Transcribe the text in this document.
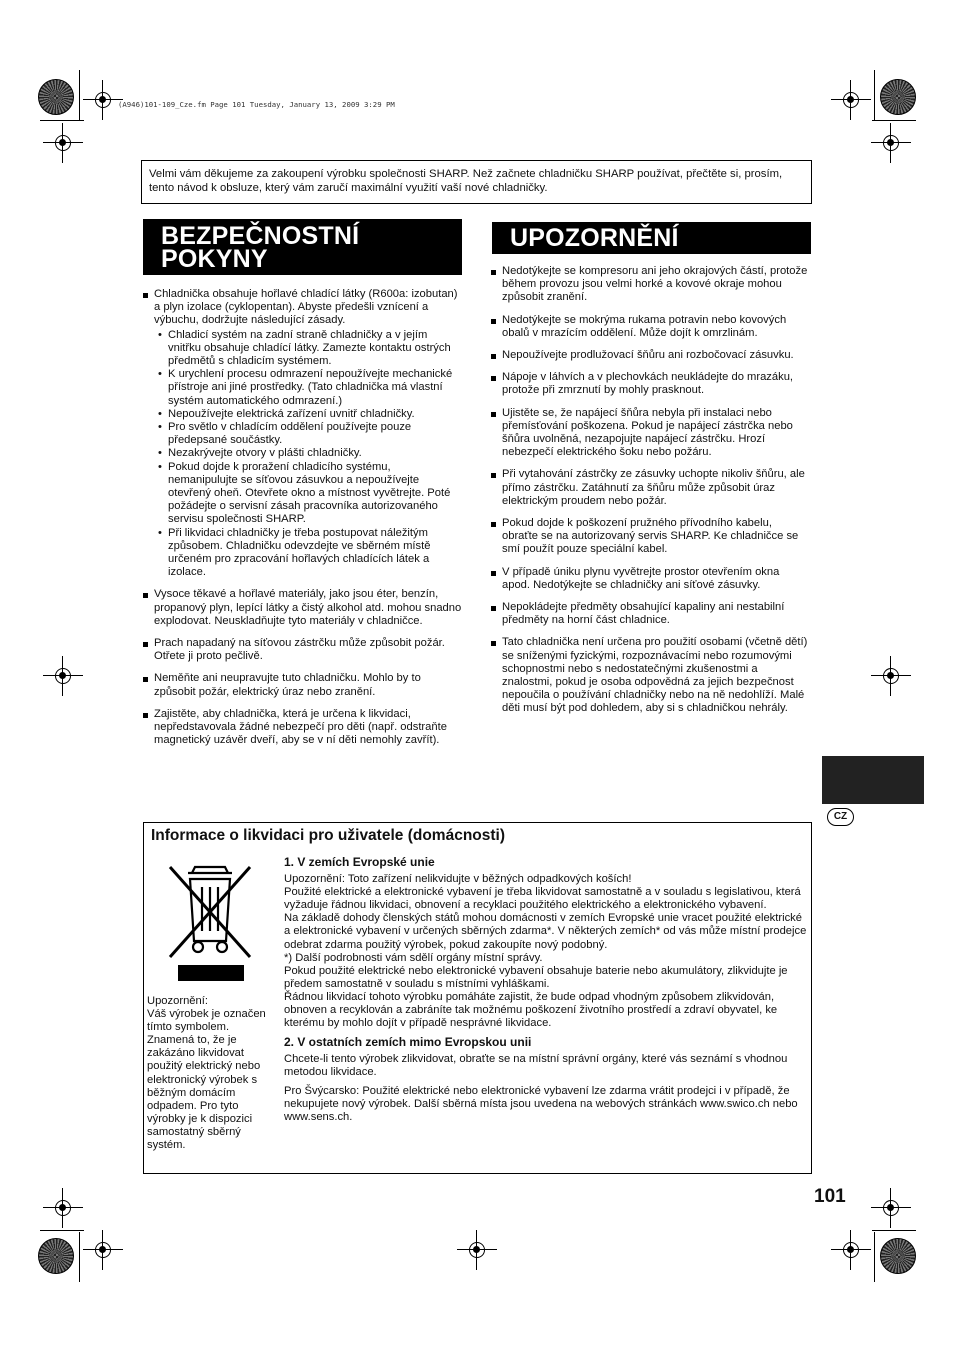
(A946)101-109_Cze.fm Page 101 Tuesday, January 13, 2009 3:29 PM
Velmi vám děkujeme za zakoupení výrobku společnosti SHARP. Než začnete chladničku SHARP používat, přečtěte si, prosím, tento návod k obsluze, který vám zaručí maximální využití vaší nové chladničky.
BEZPEČNOSTNÍ
POKYNY
Chladnička obsahuje hořlavé chladící látky (R600a: izobutan) a plyn izolace (cyklopentan). Abyste předešli vznícení a výbuchu, dodržujte následující zásady.
• Chladicí systém na zadní straně chladničky a v jejím vnitřku obsahuje chladící látky. Zamezte kontaktu ostrých předmětů s chladicím systémem.
• K urychlení procesu odmrazení nepoužívejte mechanické přístroje ani jiné prostředky. (Tato chladnička má vlastní systém automatického odmrazení.)
• Nepoužívejte elektrická zařízení uvnitř chladničky.
• Pro světlo v chladícím oddělení používejte pouze předepsané součástky.
• Nezakrývejte otvory v plášti chladničky.
• Pokud dojde k proražení chladicího systému, nemanipulujte se síťovou zásuvkou a nepoužívejte otevřený oheň. Otevřete okno a místnost vyvětrejte. Poté požádejte o servisní zásah pracovníka autorizovaného servisu společnosti SHARP.
• Při likvidaci chladničky je třeba postupovat náležitým způsobem. Chladničku odevzdejte ve sběrném místě určeném pro zpracování hořlavých chladících látek a izolace.
Vysoce těkavé a hořlavé materiály, jako jsou éter, benzín, propanový plyn, lepící látky a čistý alkohol atd. mohou snadno explodovat. Neuskladňujte tyto materiály v chladničce.
Prach napadaný na síťovou zástrčku může způsobit požár. Otřete ji proto pečlivě.
Neměňte ani neupravujte tuto chladničku. Mohlo by to způsobit požár, elektrický úraz nebo zranění.
Zajistěte, aby chladnička, která je určena k likvidaci, nepředstavovala žádné nebezpečí pro děti (např. odstraňte magnetický uzávěr dveří, aby se v ní děti nemohly zavřít).
UPOZORNĚNÍ
Nedotýkejte se kompresoru ani jeho okrajových částí, protože během provozu jsou velmi horké a kovové okraje mohou způsobit zranění.
Nedotýkejte se mokrýma rukama potravin nebo kovových obalů v mrazícím oddělení. Může dojít k omrzlinám.
Nepoužívejte prodlužovací šňůru ani rozbočovací zásuvku.
Nápoje v láhvích a v plechovkách neukládejte do mrazáku, protože při zmrznutí by mohly prasknout.
Ujistěte se, že napájecí šňůra nebyla při instalaci nebo přemísťování poškozena. Pokud je napájecí zástrčka nebo šňůra uvolněná, nezapojujte napájecí zástrčku. Hrozí nebezpečí elektrického šoku nebo požáru.
Při vytahování zástrčky ze zásuvky uchopte nikoliv šňůru, ale přímo zástrčku. Zatáhnutí za šňůru může způsobit úraz elektrickým proudem nebo požár.
Pokud dojde k poškození pružného přívodního kabelu, obraťte se na autorizovaný servis SHARP. Ke chladničce se smí použít pouze speciální kabel.
V případě úniku plynu vyvětrejte prostor otevřením okna apod. Nedotýkejte se chladničky ani síťové zásuvky.
Nepokládejte předměty obsahující kapaliny ani nestabilní předměty na horní část chladnice.
Tato chladnička není určena pro použití osobami (včetně dětí) se sníženými fyzickými, rozpoznávacími nebo rozumovými schopnostmi nebo s nedostatečnými zkušenostmi a znalostmi, pokud je osoba odpovědná za jejich bezpečnost nepoučila o používání chladničky nebo na ně nedohlíží. Malé děti musí být pod dohledem, aby si s chladničkou nehrály.
CZ
101
Informace o likvidaci pro uživatele (domácnosti)
Upozornění:
Váš výrobek je označen tímto symbolem. Znamená to, že je zakázáno likvidovat použitý elektrický nebo elektronický výrobek s běžným domácím odpadem. Pro tyto výrobky je k dispozici samostatný sběrný systém.
1. V zemích Evropské unie

Upozornění: Toto zařízení nelikvidujte v běžných odpadkových koších!

Použité elektrické a elektronické vybavení je třeba likvidovat samostatně a v souladu s legislativou, která vyžaduje řádnou likvidaci, obnovení a recyklaci použitého elektrického a elektronického vybavení.

Na základě dohody členských států mohou domácnosti v zemích Evropské unie vracet použité elektrické a elektronické vybavení v určených sběrných zdarma*. V některých zemích* od vás může místní prodejce odebrat zdarma použitý výrobek, pokud zakoupíte nový podobný.

*) Další podrobnosti vám sdělí orgány místní správy.

Pokud použité elektrické nebo elektronické vybavení obsahuje baterie nebo akumulátory, zlikvidujte je předem samostatně v souladu s místními vyhláškami.

Řádnou likvidací tohoto výrobku pomáháte zajistit, že bude odpad vhodným způsobem zlikvidován, obnoven a recyklován a zabráníte tak možnému poškození životního prostředí a zdraví obyvatel, ke kterému by mohlo dojít v případě nesprávné likvidace.

2. V ostatních zemích mimo Evropskou unii

Chcete-li tento výrobek zlikvidovat, obraťte se na místní správní orgány, které vás seznámí s vhodnou metodou likvidace.

Pro Švýcarsko: Použité elektrické nebo elektronické vybavení lze zdarma vrátit prodejci i v případě, že nekupujete nový výrobek. Další sběrná místa jsou uvedena na webových stránkách www.swico.ch nebo www.sens.ch.
